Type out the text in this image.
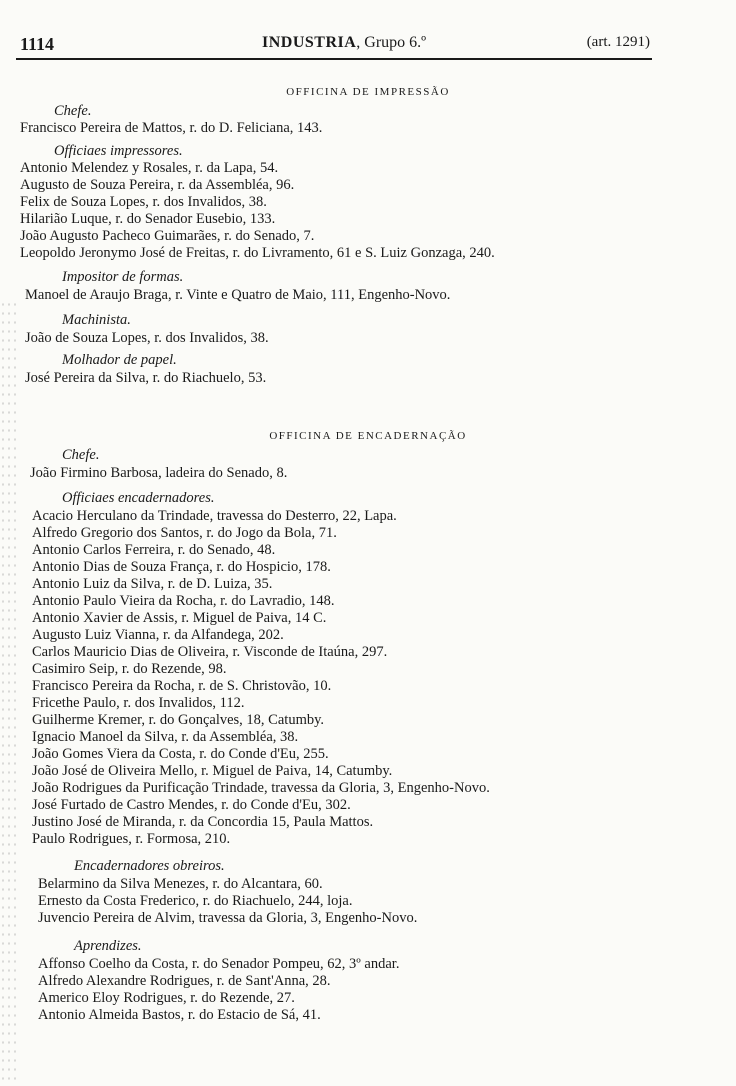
1114	INDUSTRIA, Grupo 6.º	(art. 1291)
OFFICINA DE IMPRESSÃO
Chefe.
Francisco Pereira de Mattos, r. do D. Feliciana, 143.
Officiaes impressores.
Antonio Melendez y Rosales, r. da Lapa, 54.
Augusto de Souza Pereira, r. da Assembléa, 96.
Felix de Souza Lopes, r. dos Invalidos, 38.
Hilarião Luque, r. do Senador Eusebio, 133.
João Augusto Pacheco Guimarães, r. do Senado, 7.
Leopoldo Jeronymo José de Freitas, r. do Livramento, 61 e S. Luiz Gonzaga, 240.
Impositor de formas.
Manoel de Araujo Braga, r. Vinte e Quatro de Maio, 111, Engenho-Novo.
Machinista.
João de Souza Lopes, r. dos Invalidos, 38.
Molhador de papel.
José Pereira da Silva, r. do Riachuelo, 53.
OFFICINA DE ENCADERNAÇÃO
Chefe.
João Firmino Barbosa, ladeira do Senado, 8.
Officiaes encadernadores.
Acacio Herculano da Trindade, travessa do Desterro, 22, Lapa.
Alfredo Gregorio dos Santos, r. do Jogo da Bola, 71.
Antonio Carlos Ferreira, r. do Senado, 48.
Antonio Dias de Souza França, r. do Hospicio, 178.
Antonio Luiz da Silva, r. de D. Luiza, 35.
Antonio Paulo Vieira da Rocha, r. do Lavradio, 148.
Antonio Xavier de Assis, r. Miguel de Paiva, 14 C.
Augusto Luiz Vianna, r. da Alfandega, 202.
Carlos Mauricio Dias de Oliveira, r. Visconde de Itaúna, 297.
Casimiro Seip, r. do Rezende, 98.
Francisco Pereira da Rocha, r. de S. Christovão, 10.
Fricethe Paulo, r. dos Invalidos, 112.
Guilherme Kremer, r. do Gonçalves, 18, Catumby.
Ignacio Manoel da Silva, r. da Assembléa, 38.
João Gomes Viera da Costa, r. do Conde d'Eu, 255.
João José de Oliveira Mello, r. Miguel de Paiva, 14, Catumby.
João Rodrigues da Purificação Trindade, travessa da Gloria, 3, Engenho-Novo.
José Furtado de Castro Mendes, r. do Conde d'Eu, 302.
Justino José de Miranda, r. da Concordia 15, Paula Mattos.
Paulo Rodrigues, r. Formosa, 210.
Encadernadores obreiros.
Belarmino da Silva Menezes, r. do Alcantara, 60.
Ernesto da Costa Frederico, r. do Riachuelo, 244, loja.
Juvencio Pereira de Alvim, travessa da Gloria, 3, Engenho-Novo.
Aprendizes.
Affonso Coelho da Costa, r. do Senador Pompeu, 62, 3º andar.
Alfredo Alexandre Rodrigues, r. de Sant'Anna, 28.
Americo Eloy Rodrigues, r. do Rezende, 27.
Antonio Almeida Bastos, r. do Estacio de Sá, 41.
